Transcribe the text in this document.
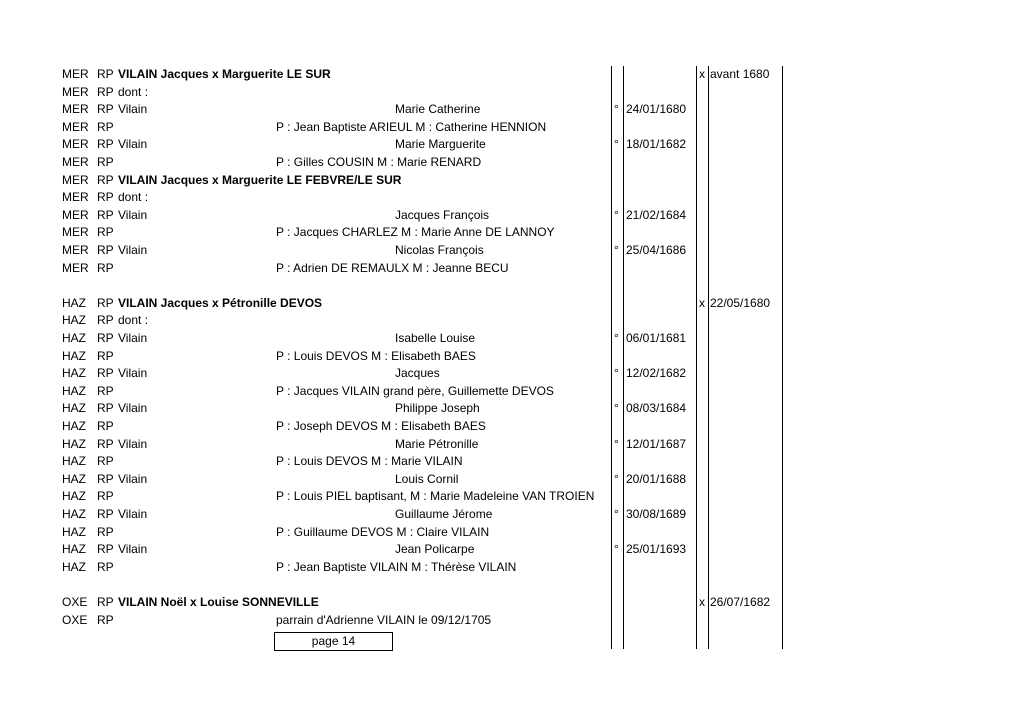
MER RP VILAIN Jacques x Marguerite LE SUR	x avant 1680
MER RP dont :
MER RP Vilain	Marie Catherine	° 24/01/1680
MER RP	P : Jean Baptiste ARIEUL M : Catherine HENNION
MER RP Vilain	Marie Marguerite	° 18/01/1682
MER RP	P : Gilles COUSIN M : Marie RENARD
MER RP VILAIN Jacques x Marguerite LE FEBVRE/LE SUR
MER RP dont :
MER RP Vilain	Jacques François	° 21/02/1684
MER RP	P : Jacques CHARLEZ M : Marie Anne DE LANNOY
MER RP Vilain	Nicolas François	° 25/04/1686
MER RP	P : Adrien DE REMAULX M : Jeanne BECU
HAZ RP VILAIN Jacques x Pétronille DEVOS	x 22/05/1680
HAZ RP dont :
HAZ RP Vilain	Isabelle Louise	° 06/01/1681
HAZ RP	P : Louis DEVOS M : Elisabeth BAES
HAZ RP Vilain	Jacques	° 12/02/1682
HAZ RP	P : Jacques VILAIN grand père, Guillemette DEVOS
HAZ RP Vilain	Philippe Joseph	° 08/03/1684
HAZ RP	P : Joseph DEVOS M : Elisabeth BAES
HAZ RP Vilain	Marie Pétronille	° 12/01/1687
HAZ RP	P : Louis DEVOS M : Marie VILAIN
HAZ RP Vilain	Louis Cornil	° 20/01/1688
HAZ RP	P : Louis PIEL baptisant, M : Marie Madeleine VAN TROIEN
HAZ RP Vilain	Guillaume Jérome	° 30/08/1689
HAZ RP	P : Guillaume DEVOS M : Claire VILAIN
HAZ RP Vilain	Jean Policarpe	° 25/01/1693
HAZ RP	P : Jean Baptiste VILAIN M : Thérèse VILAIN
OXE RP VILAIN Noël x Louise SONNEVILLE	x 26/07/1682
OXE RP	parrain d'Adrienne VILAIN le 09/12/1705
page 14
